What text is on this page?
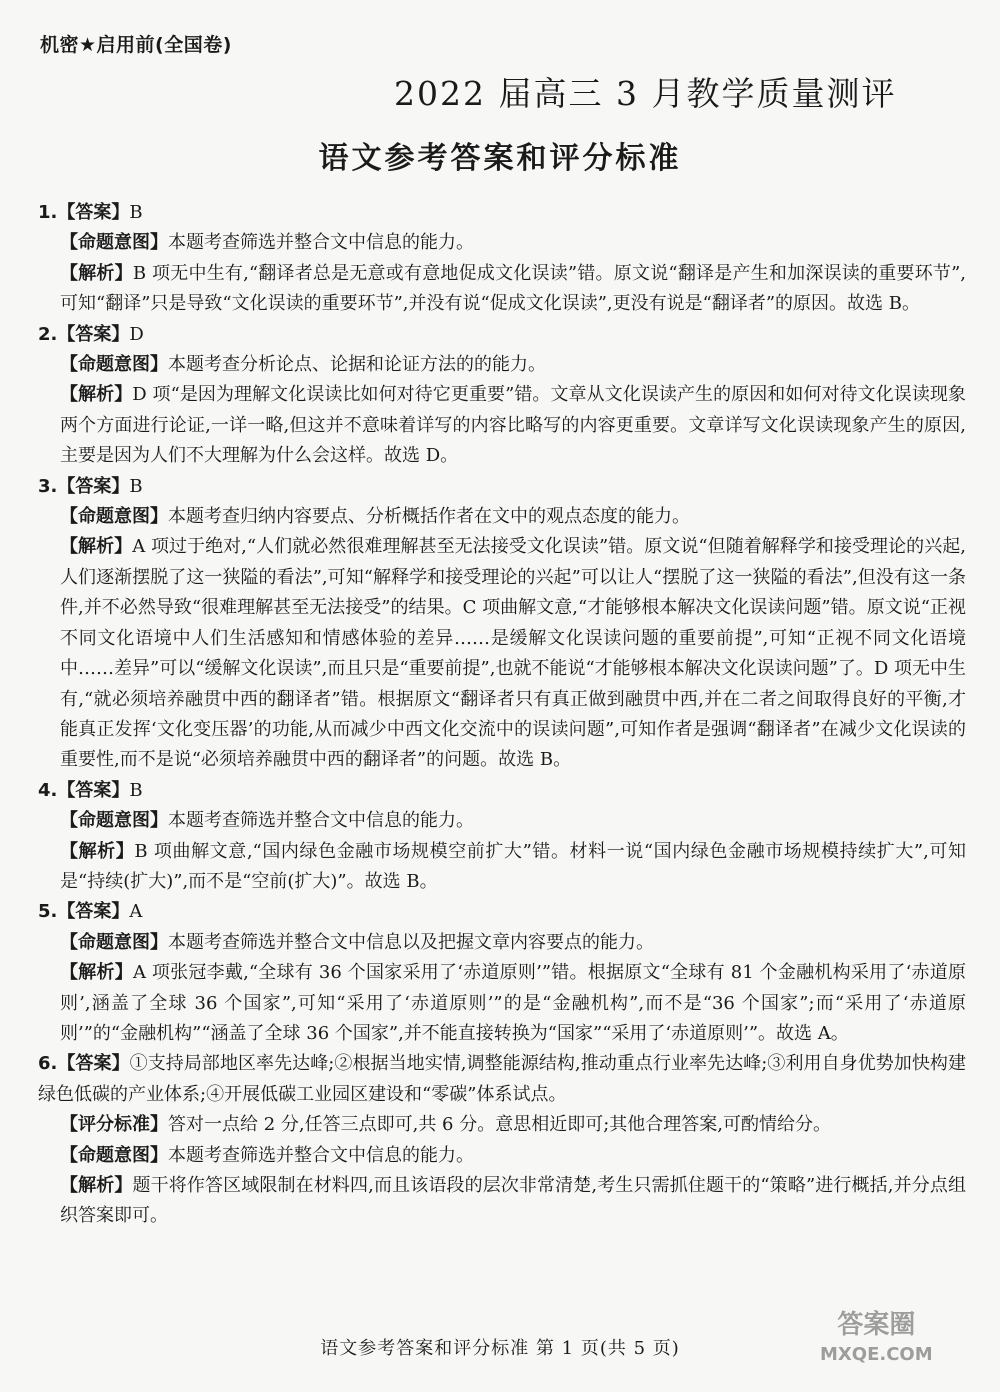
机密★启用前(全国卷)
2022 届高三 3 月教学质量测评
语文参考答案和评分标准

1.【答案】B

【命题意图】本题考查筛选并整合文中信息的能力。

【解析】B 项无中生有,“翻译者总是无意或有意地促成文化误读”错。原文说“翻译是产生和加深误读的重要环节”,可知“翻译”只是导致“文化误读的重要环节”,并没有说“促成文化误读”,更没有说是“翻译者”的原因。故选 B。

2.【答案】D

【命题意图】本题考查分析论点、论据和论证方法的的能力。

【解析】D 项“是因为理解文化误读比如何对待它更重要”错。文章从文化误读产生的原因和如何对待文化误读现象两个方面进行论证,一详一略,但这并不意味着详写的内容比略写的内容更重要。文章详写文化误读现象产生的原因,主要是因为人们不大理解为什么会这样。故选 D。

3.【答案】B

【命题意图】本题考查归纳内容要点、分析概括作者在文中的观点态度的能力。

【解析】A 项过于绝对,“人们就必然很难理解甚至无法接受文化误读”错。原文说“但随着解释学和接受理论的兴起,人们逐渐摆脱了这一狭隘的看法”,可知“解释学和接受理论的兴起”可以让人“摆脱了这一狭隘的看法”,但没有这一条件,并不必然导致“很难理解甚至无法接受”的结果。C 项曲解文意,“才能够根本解决文化误读问题”错。原文说“正视不同文化语境中人们生活感知和情感体验的差异……是缓解文化误读问题的重要前提”,可知“正视不同文化语境中……差异”可以“缓解文化误读”,而且只是“重要前提”,也就不能说“才能够根本解决文化误读问题”了。D 项无中生有,“就必须培养融贯中西的翻译者”错。根据原文“翻译者只有真正做到融贯中西,并在二者之间取得良好的平衡,才能真正发挥‘文化变压器’的功能,从而减少中西文化交流中的误读问题”,可知作者是强调“翻译者”在减少文化误读的重要性,而不是说“必须培养融贯中西的翻译者”的问题。故选 B。

4.【答案】B

【命题意图】本题考查筛选并整合文中信息的能力。

【解析】B 项曲解文意,“国内绿色金融市场规模空前扩大”错。材料一说“国内绿色金融市场规模持续扩大”,可知是“持续(扩大)”,而不是“空前(扩大)”。故选 B。

5.【答案】A

【命题意图】本题考查筛选并整合文中信息以及把握文章内容要点的能力。

【解析】A 项张冠李戴,“全球有 36 个国家采用了‘赤道原则’”错。根据原文“全球有 81 个金融机构采用了‘赤道原则’,涵盖了全球 36 个国家”,可知“采用了‘赤道原则’”的是“金融机构”,而不是“36 个国家”;而“采用了‘赤道原则’”的“金融机构”“涵盖了全球 36 个国家”,并不能直接转换为“国家”“采用了‘赤道原则’”。故选 A。

6.【答案】①支持局部地区率先达峰;②根据当地实情,调整能源结构,推动重点行业率先达峰;③利用自身优势加快构建绿色低碳的产业体系;④开展低碳工业园区建设和“零碳”体系试点。

【评分标准】答对一点给 2 分,任答三点即可,共 6 分。意思相近即可;其他合理答案,可酌情给分。

【命题意图】本题考查筛选并整合文中信息的能力。

【解析】题干将作答区域限制在材料四,而且该语段的层次非常清楚,考生只需抓住题干的“策略”进行概括,并分点组织答案即可。

语文参考答案和评分标准 第 1 页(共 5 页)
答案圈
MXQE.COM
